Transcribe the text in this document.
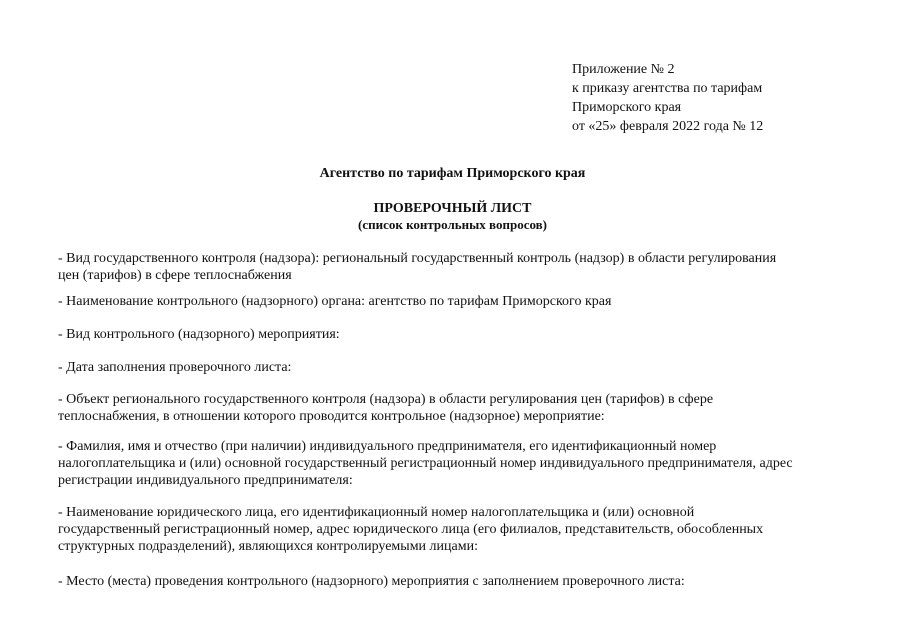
Приложение № 2
к приказу агентства по тарифам
Приморского края
от «25» февраля 2022 года № 12
Агентство по тарифам Приморского края
ПРОВЕРОЧНЫЙ ЛИСТ
(список контрольных вопросов)
- Вид государственного контроля (надзора): региональный государственный контроль (надзор) в области регулирования
цен (тарифов) в сфере теплоснабжения
- Наименование контрольного (надзорного) органа: агентство по тарифам Приморского края
- Вид контрольного (надзорного) мероприятия:
- Дата заполнения проверочного листа:
- Объект регионального государственного контроля (надзора) в области регулирования цен (тарифов) в сфере
теплоснабжения, в отношении которого проводится контрольное (надзорное) мероприятие:
- Фамилия, имя и отчество (при наличии) индивидуального предпринимателя, его идентификационный номер
налогоплательщика и (или) основной государственный регистрационный номер индивидуального предпринимателя, адрес
регистрации индивидуального предпринимателя:
- Наименование юридического лица, его идентификационный номер налогоплательщика и (или) основной
государственный регистрационный номер, адрес юридического лица (его филиалов, представительств, обособленных
структурных подразделений), являющихся контролируемыми лицами:
- Место (места) проведения контрольного (надзорного) мероприятия с заполнением проверочного листа:
